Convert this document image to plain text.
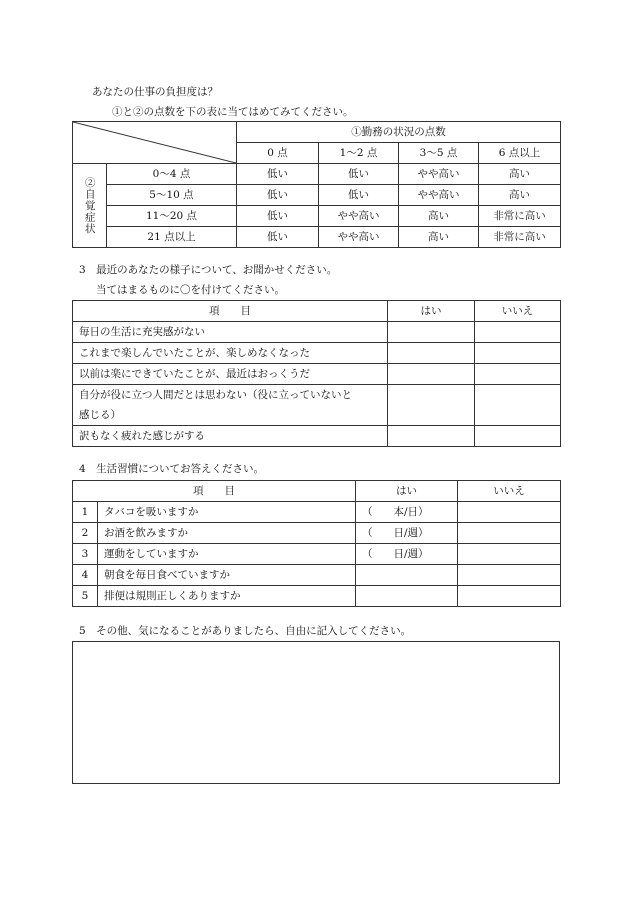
あなたの仕事の負担度は？
①と②の点数を下の表に当てはめてみてください。
	①勤務の状況の点数			
		0 点	1〜2 点	3〜5 点	6 点以上

②自覚症状	0〜4 点	低い	低い	やや高い	高い
	5〜10 点	低い	低い	やや高い	高い
	11〜20 点	低い	やや高い	高い	非常に高い
	21 点以上	低い	やや高い	高い	非常に高い
3　最近のあなたの様子について、お聞かせください。
当てはまるものに〇を付けてください。
項　　目	はい	いいえ
毎日の生活に充実感がない		
これまで楽しんでいたことが、楽しめなくなった		
以前は楽にできていたことが、最近はおっくうだ		

自分が役に立つ人間だとは思わない（役に立っていないと
感じる）		

訳もなく疲れた感じがする		
4　生活習慣についてお答えください。
項　　目		はい	いいえ
1	タバコを吸いますか	（　　本/日）	
2	お酒を飲みますか	（　　日/週）	
3	運動をしていますか	（　　日/週）	
4	朝食を毎日食べていますか		
5	排便は規則正しくありますか		
5　その他、気になることがありましたら、自由に記入してください。
